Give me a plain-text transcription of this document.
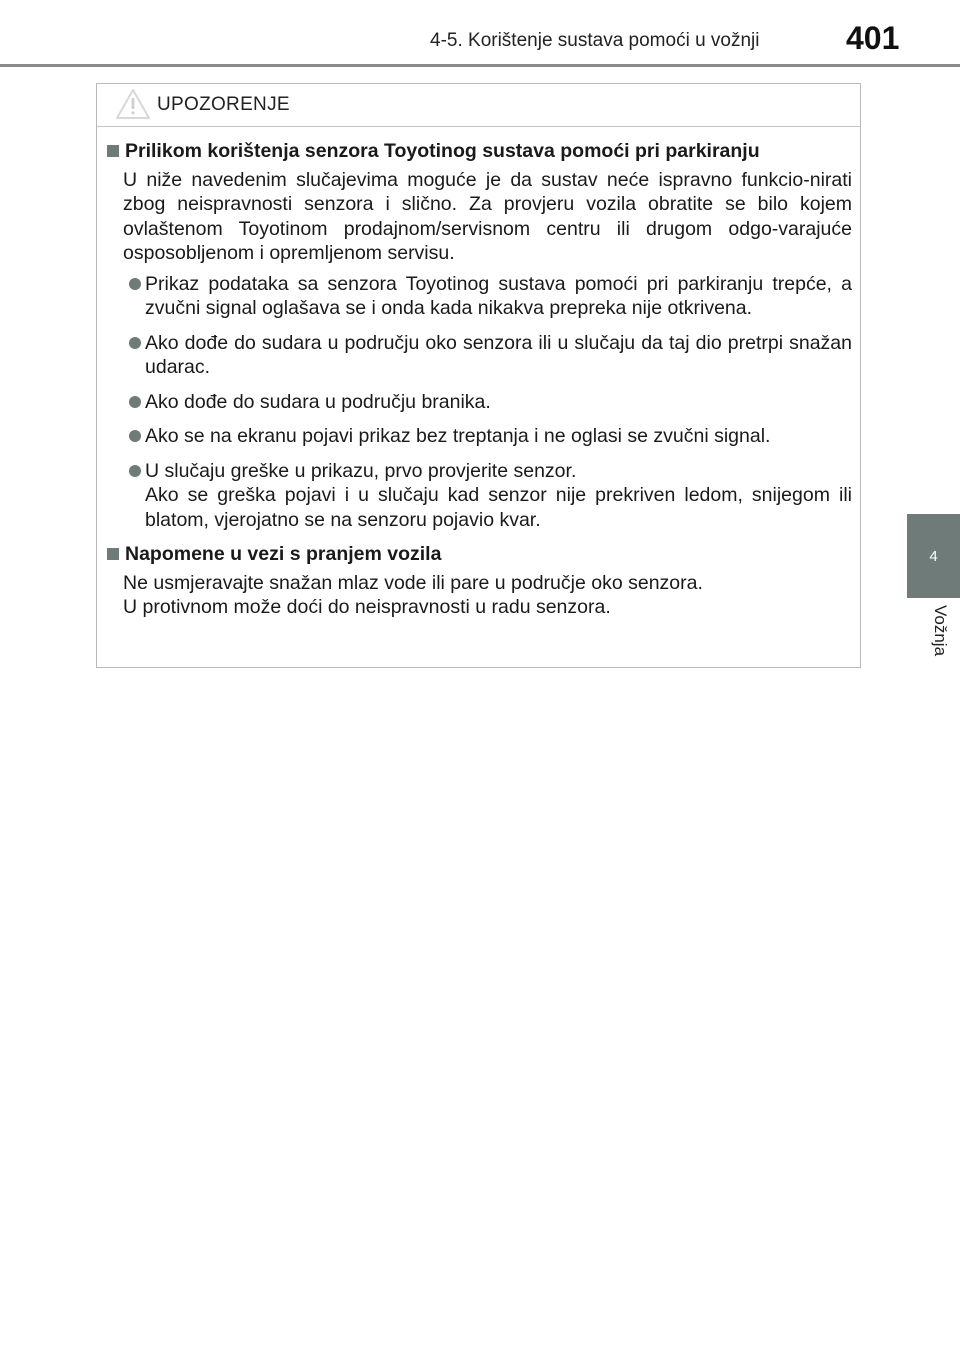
4-5. Korištenje sustava pomoći u vožnji	401
4
Vožnja
UPOZORENJE
Prilikom korištenja senzora Toyotinog sustava pomoći pri parkiranju
U niže navedenim slučajevima moguće je da sustav neće ispravno funkcio-nirati zbog neispravnosti senzora i slično. Za provjeru vozila obratite se bilo kojem ovlaštenom Toyotinom prodajnom/servisnom centru ili drugom odgo-varajuće osposobljenom i opremljenom servisu.
Prikaz podataka sa senzora Toyotinog sustava pomoći pri parkiranju trepće, a zvučni signal oglašava se i onda kada nikakva prepreka nije otkrivena.
Ako dođe do sudara u području oko senzora ili u slučaju da taj dio pretrpi snažan udarac.
Ako dođe do sudara u području branika.
Ako se na ekranu pojavi prikaz bez treptanja i ne oglasi se zvučni signal.
U slučaju greške u prikazu, prvo provjerite senzor.
Ako se greška pojavi i u slučaju kad senzor nije prekriven ledom, snijegom ili blatom, vjerojatno se na senzoru pojavio kvar.
Napomene u vezi s pranjem vozila
Ne usmjeravajte snažan mlaz vode ili pare u područje oko senzora.
U protivnom može doći do neispravnosti u radu senzora.
